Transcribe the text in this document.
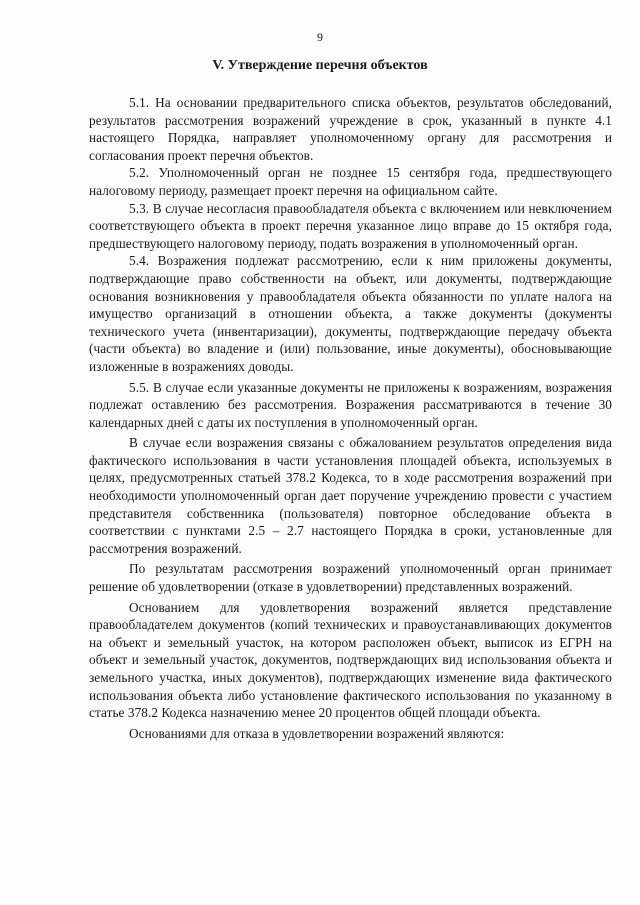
9
V. Утверждение перечня объектов

5.1. На основании предварительного списка объектов, результатов обследований, результатов рассмотрения возражений учреждение в срок, указанный в пункте 4.1 настоящего Порядка, направляет уполномоченному органу для рассмотрения и согласования проект перечня объектов.

5.2. Уполномоченный орган не позднее 15 сентября года, предшествующего налоговому периоду, размещает проект перечня на официальном сайте.

5.3. В случае несогласия правообладателя объекта с включением или невключением соответствующего объекта в проект перечня указанное лицо вправе до 15 октября года, предшествующего налоговому периоду, подать возражения в уполномоченный орган.

5.4. Возражения подлежат рассмотрению, если к ним приложены документы, подтверждающие право собственности на объект, или документы, подтверждающие основания возникновения у правообладателя объекта обязанности по уплате налога на имущество организаций в отношении объекта, а также документы (документы технического учета (инвентаризации), документы, подтверждающие передачу объекта (части объекта) во владение и (или) пользование, иные документы), обосновывающие изложенные в возражениях доводы.

5.5. В случае если указанные документы не приложены к возражениям, возражения подлежат оставлению без рассмотрения. Возражения рассматриваются в течение 30 календарных дней с даты их поступления в уполномоченный орган.

В случае если возражения связаны с обжалованием результатов определения вида фактического использования в части установления площадей объекта, используемых в целях, предусмотренных статьей 378.2 Кодекса, то в ходе рассмотрения возражений при необходимости уполномоченный орган дает поручение учреждению провести с участием представителя собственника (пользователя) повторное обследование объекта в соответствии с пунктами 2.5 – 2.7 настоящего Порядка в сроки, установленные для рассмотрения возражений.

По результатам рассмотрения возражений уполномоченный орган принимает решение об удовлетворении (отказе в удовлетворении) представленных возражений.

Основанием для удовлетворения возражений является представление правообладателем документов (копий технических и правоустанавливающих документов на объект и земельный участок, на котором расположен объект, выписок из ЕГРН на объект и земельный участок, документов, подтверждающих вид использования объекта и земельного участка, иных документов), подтверждающих изменение вида фактического использования объекта либо установление фактического использования по указанному в статье 378.2 Кодекса назначению менее 20 процентов общей площади объекта.

Основаниями для отказа в удовлетворении возражений являются:
